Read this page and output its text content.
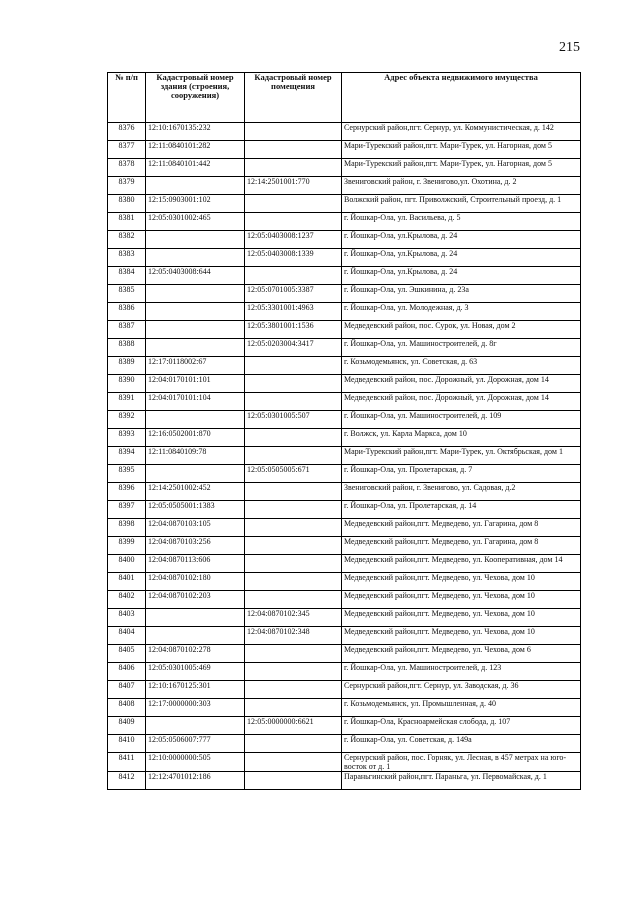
215
№ п/п	Кадастровый номер здания (строения, сооружения)	Кадастровый номер помещения	Адрес объекта недвижимого имущества
8376	12:10:1670135:232		Сернурский район,пгт. Сернур, ул. Коммунистическая, д. 142
8377	12:11:0840101:282		Мари-Турекский район,пгт. Мари-Турек, ул. Нагорная, дом 5
8378	12:11:0840101:442		Мари-Турекский район,пгт. Мари-Турек, ул. Нагорная, дом 5
8379		12:14:2501001:770	Звениговский район, г. Звенигово,ул. Охотина, д. 2
8380	12:15:0903001:102		Волжский район, пгт. Приволжский, Строительный проезд, д. 1
8381	12:05:0301002:465		г. Йошкар-Ола, ул. Васильева, д. 5
8382		12:05:0403008:1237	г. Йошкар-Ола, ул.Крылова, д. 24
8383		12:05:0403008:1339	г. Йошкар-Ола, ул.Крылова, д. 24
8384	12:05:0403008:644		г. Йошкар-Ола, ул.Крылова, д. 24
8385		12:05:0701005:3387	г. Йошкар-Ола, ул. Эшкинина, д. 23а
8386		12:05:3301001:4963	г. Йошкар-Ола, ул. Молодежная, д. 3
8387		12:05:3801001:1536	Медведевский район, пос. Сурок, ул. Новая, дом 2
8388		12:05:0203004:3417	г. Йошкар-Ола, ул. Машиностроителей, д. 8г
8389	12:17:0118002:67		г. Козьмодемьянск, ул. Советская, д. 63
8390	12:04:0170101:101		Медведевский район, пос. Дорожный, ул. Дорожная, дом 14
8391	12:04:0170101:104		Медведевский район, пос. Дорожный, ул. Дорожная, дом 14
8392		12:05:0301005:507	г. Йошкар-Ола, ул. Машиностроителей, д. 109
8393	12:16:0502001:870		г. Волжск, ул. Карла Маркса, дом 10
8394	12:11:0840109:78		Мари-Турекский район,пгт. Мари-Турек, ул. Октябрьская, дом 1
8395		12:05:0505005:671	г. Йошкар-Ола, ул. Пролетарская, д. 7
8396	12:14:2501002:452		Звениговский район, г. Звенигово, ул. Садовая, д.2
8397	12:05:0505001:1383		г. Йошкар-Ола, ул. Пролетарская, д. 14
8398	12:04:0870103:105		Медведевский район,пгт. Медведево, ул. Гагарина, дом 8
8399	12:04:0870103:256		Медведевский район,пгт. Медведево, ул. Гагарина, дом 8
8400	12:04:0870113:606		Медведевский район,пгт. Медведево, ул. Кооперативная, дом 14
8401	12:04:0870102:180		Медведевский район,пгт. Медведево, ул. Чехова, дом 10
8402	12:04:0870102:203		Медведевский район,пгт. Медведево, ул. Чехова, дом 10
8403		12:04:0870102:345	Медведевский район,пгт. Медведево, ул. Чехова, дом 10
8404		12:04:0870102:348	Медведевский район,пгт. Медведево, ул. Чехова, дом 10
8405	12:04:0870102:278		Медведевский район,пгт. Медведево, ул. Чехова, дом 6
8406	12:05:0301005:469		г. Йошкар-Ола, ул. Машиностроителей, д. 123
8407	12:10:1670125:301		Сернурский район,пгт. Сернур, ул. Заводская, д. 36
8408	12:17:0000000:303		г. Козьмодемьянск, ул. Промышленная, д. 40
8409		12:05:0000000:6621	г. Йошкар-Ола, Красноармейская слобода, д. 107
8410	12:05:0506007:777		г. Йошкар-Ола, ул. Советская, д. 149а
8411	12:10:0000000:505		Сернурский район, пос. Горняк, ул. Лесная, в 457 метрах на юго- восток от д. 1
8412	12:12:4701012:186		Параньгинский район,пгт. Параньга, ул. Первомайская, д. 1
